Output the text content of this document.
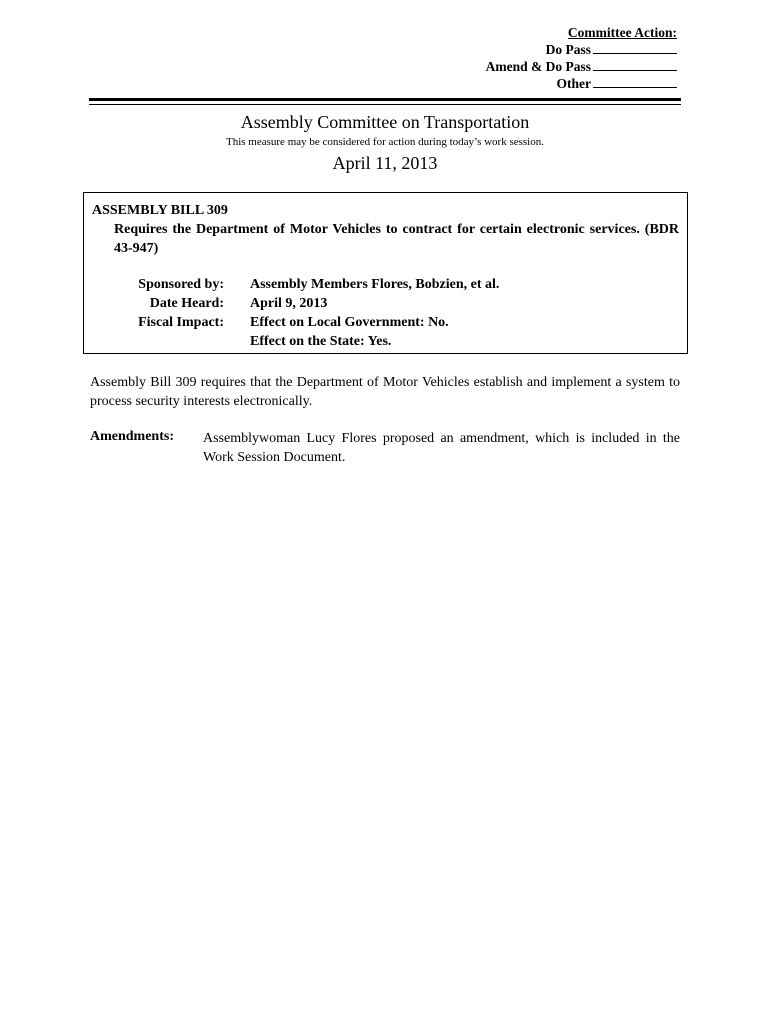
Committee Action:
Do Pass
Amend & Do Pass
Other
Assembly Committee on Transportation
This measure may be considered for action during today’s work session.
April 11, 2013
ASSEMBLY BILL 309
Requires the Department of Motor Vehicles to contract for certain electronic services. (BDR 43-947)
Sponsored by: Assembly Members Flores, Bobzien, et al.
Date Heard: April 9, 2013
Fiscal Impact: Effect on Local Government: No.
Effect on the State: Yes.
Assembly Bill 309 requires that the Department of Motor Vehicles establish and implement a system to process security interests electronically.
Amendments: Assemblywoman Lucy Flores proposed an amendment, which is included in the Work Session Document.
